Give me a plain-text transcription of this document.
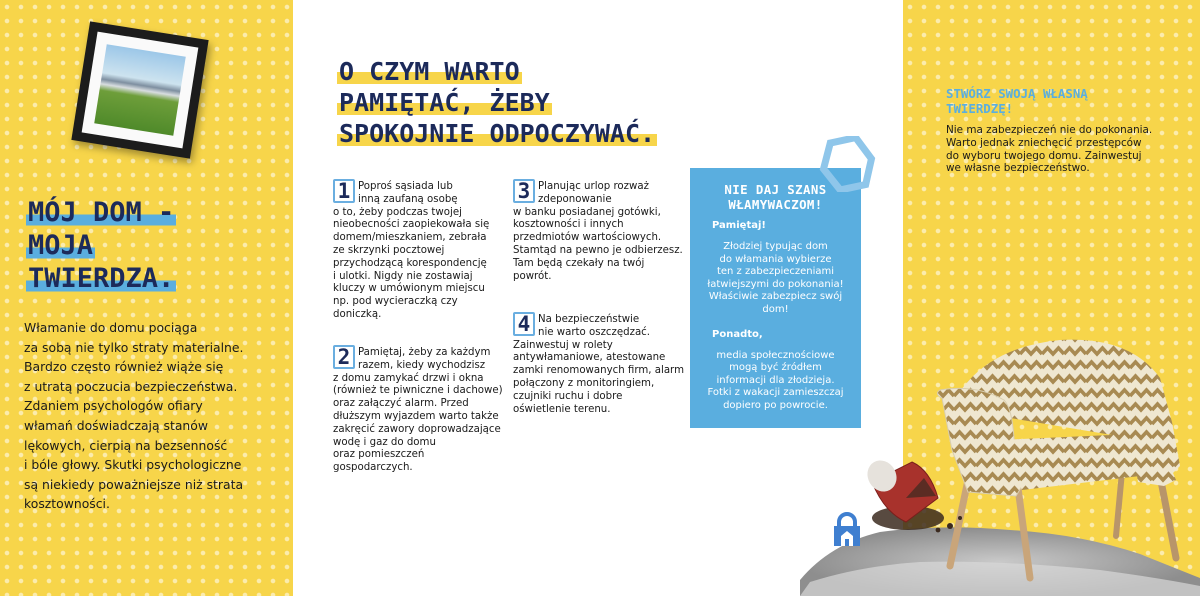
MÓJ DOM -
MOJA
TWIERDZA.
Włamanie do domu pociąga
za sobą nie tylko straty materialne.
Bardzo często również wiąże się
z utratą poczucia bezpieczeństwa.
Zdaniem psychologów ofiary
włamań doświadczają stanów
lękowych, cierpią na bezsenność
i bóle głowy. Skutki psychologiczne
są niekiedy poważniejsze niż strata
kosztowności.
O CZYM WARTO
PAMIĘTAĆ, ŻEBY
SPOKOJNIE ODPOCZYWAĆ.
1 Poproś sąsiada lub
inną zaufaną osobę
o to, żeby podczas twojej
nieobecności zaopiekowała się
domem/mieszkaniem, zebrała
ze skrzynki pocztowej
przychodzącą korespondencję
i ulotki. Nigdy nie zostawiaj
kluczy w umówionym miejscu
np. pod wycieraczką czy
doniczką.
2 Pamiętaj, żeby za każdym
razem, kiedy wychodzisz
z domu zamykać drzwi i okna
(również te piwniczne i dachowe)
oraz załączyć alarm. Przed
dłuższym wyjazdem warto także
zakręcić zawory doprowadzające
wodę i gaz do domu
oraz pomieszczeń
gospodarczych.
3 Planując urlop rozważ
zdeponowanie
w banku posiadanej gotówki,
kosztowności i innych
przedmiotów wartościowych.
Stamtąd na pewno je odbierzesz.
Tam będą czekały na twój
powrót.
4 Na bezpieczeństwie
nie warto oszczędzać.
Zainwestuj w rolety
antywłamaniowe, atestowane
zamki renomowanych firm, alarm
połączony z monitoringiem,
czujniki ruchu i dobre
oświetlenie terenu.
NIE DAJ SZANS
WŁAMYWACZOM!
Pamiętaj!
Złodziej typując dom
do włamania wybierze
ten z zabezpieczeniami
łatwiejszymi do pokonania!
Właściwie zabezpiecz swój
dom!
Ponadto,
media społecznościowe
mogą być źródłem
informacji dla złodzieja.
Fotki z wakacji zamieszczaj
dopiero po powrocie.
STWÓRZ SWOJĄ WŁASNĄ
TWIERDZĘ!
Nie ma zabezpieczeń nie do pokonania.
Warto jednak zniechęcić przestępców
do wyboru twojego domu. Zainwestuj
we własne bezpieczeństwo.
